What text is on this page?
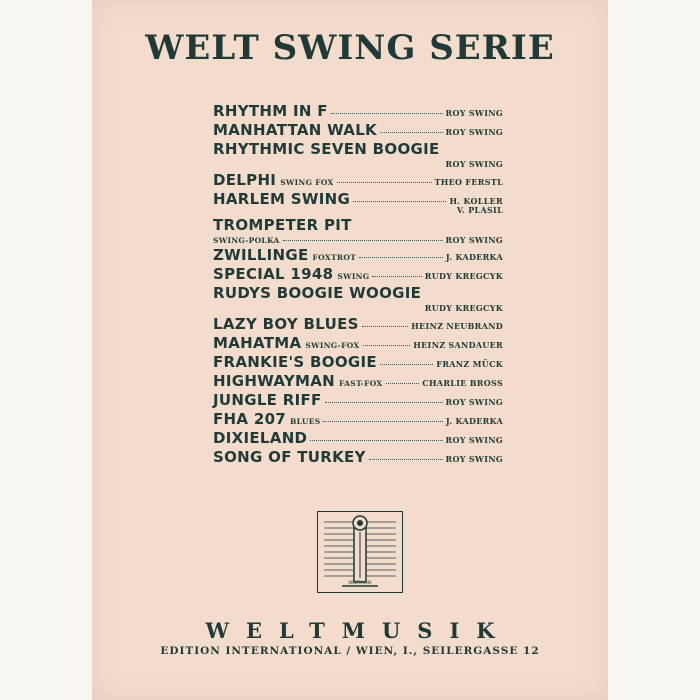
WELT SWING SERIE
RHYTHM IN F	ROY SWING
MANHATTAN WALK	ROY SWING
RHYTHMIC SEVEN BOOGIE
ROY SWING
DELPHI SWING FOX	THEO FERSTL
HARLEM SWING	H. KOLLER
V. PLASIL
TROMPETER PIT
SWING-POLKA	ROY SWING
ZWILLINGE FOXTROT	J. KADERKA
SPECIAL 1948 SWING	RUDY KREGCYK
RUDYS BOOGIE WOOGIE
RUDY KREGCYK
LAZY BOY BLUES	HEINZ NEUBRAND
MAHATMA SWING-FOX	HEINZ SANDAUER
FRANKIE'S BOOGIE	FRANZ MÜCK
HIGHWAYMAN FAST-FOX	CHARLIE BROSS
JUNGLE RIFF	ROY SWING
FHA 207 BLUES	J. KADERKA
DIXIELAND	ROY SWING
SONG OF TURKEY	ROY SWING
WELTMUSIK
WELTMUSIK
EDITION INTERNATIONAL / WIEN, I., SEILERGASSE 12
